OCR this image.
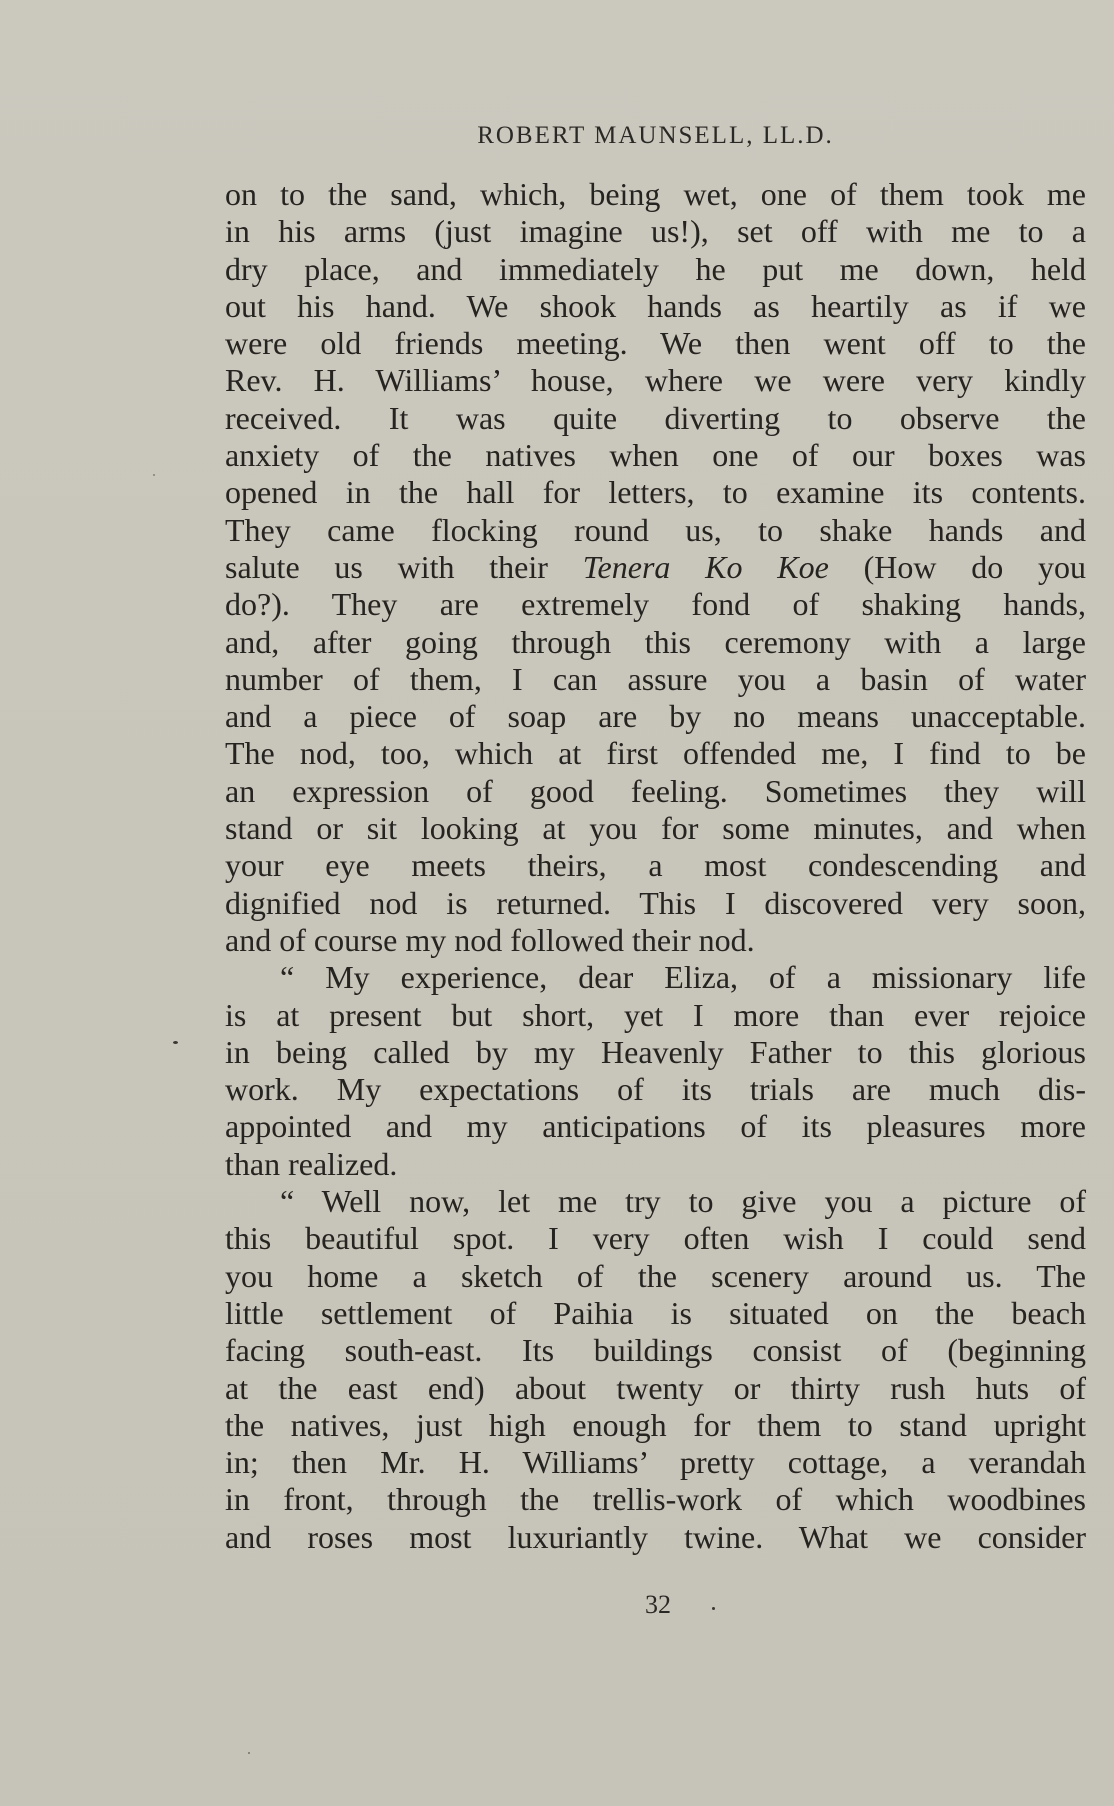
ROBERT MAUNSELL, LL.D.
on to the sand, which, being wet, one of them took me
in his arms (just imagine us!), set off with me to a
dry place, and immediately he put me down, held
out his hand. We shook hands as heartily as if we
were old friends meeting. We then went off to the
Rev. H. Williams’ house, where we were very kindly
received. It was quite diverting to observe the
anxiety of the natives when one of our boxes was
opened in the hall for letters, to examine its contents.
They came flocking round us, to shake hands and
salute us with their Tenera Ko Koe (How do you
do?). They are extremely fond of shaking hands,
and, after going through this ceremony with a large
number of them, I can assure you a basin of water
and a piece of soap are by no means unacceptable.
The nod, too, which at first offended me, I find to be
an expression of good feeling. Sometimes they will
stand or sit looking at you for some minutes, and when
your eye meets theirs, a most condescending and
dignified nod is returned. This I discovered very soon,
and of course my nod followed their nod.
“ My experience, dear Eliza, of a missionary life
is at present but short, yet I more than ever rejoice
in being called by my Heavenly Father to this glorious
work. My expectations of its trials are much dis-
appointed and my anticipations of its pleasures more
than realized.
“ Well now, let me try to give you a picture of
this beautiful spot. I very often wish I could send
you home a sketch of the scenery around us. The
little settlement of Paihia is situated on the beach
facing south-east. Its buildings consist of (beginning
at the east end) about twenty or thirty rush huts of
the natives, just high enough for them to stand upright
in; then Mr. H. Williams’ pretty cottage, a verandah
in front, through the trellis-work of which woodbines
and roses most luxuriantly twine. What we consider
32
